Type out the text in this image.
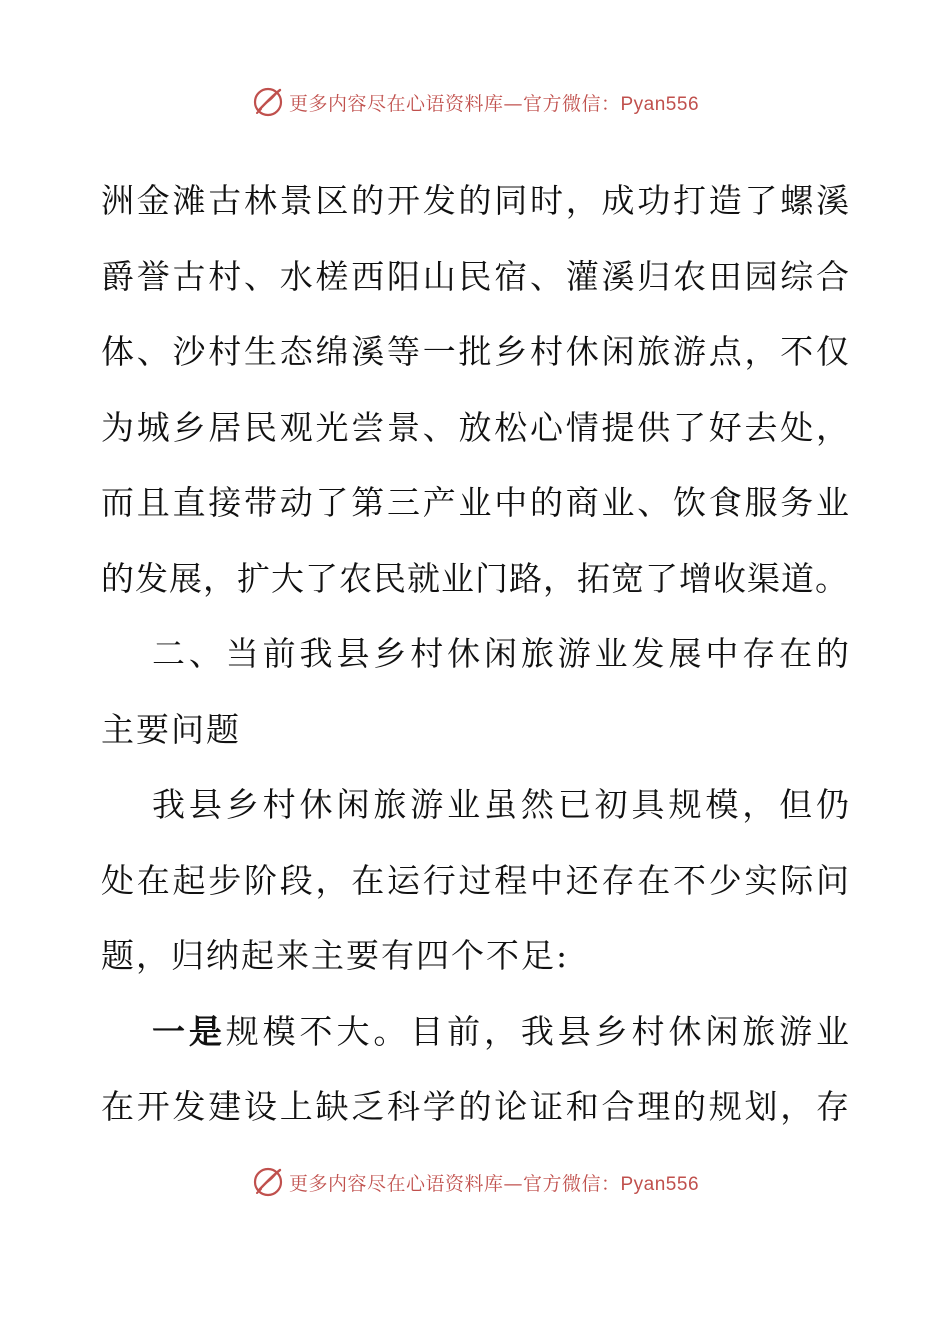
更多内容尽在心语资料库—官方微信：Pyan556
洲金滩古林景区的开发的同时，成功打造了螺溪
爵誉古村、水槎西阳山民宿、灌溪归农田园综合
体、沙村生态绵溪等一批乡村休闲旅游点，不仅
为城乡居民观光尝景、放松心情提供了好去处，
而且直接带动了第三产业中的商业、饮食服务业
的发展，扩大了农民就业门路，拓宽了增收渠道。
二、当前我县乡村休闲旅游业发展中存在的
主要问题
我县乡村休闲旅游业虽然已初具规模，但仍
处在起步阶段，在运行过程中还存在不少实际问
题，归纳起来主要有四个不足:
一是规模不大。目前，我县乡村休闲旅游业
在开发建设上缺乏科学的论证和合理的规划，存
更多内容尽在心语资料库—官方微信：Pyan556
